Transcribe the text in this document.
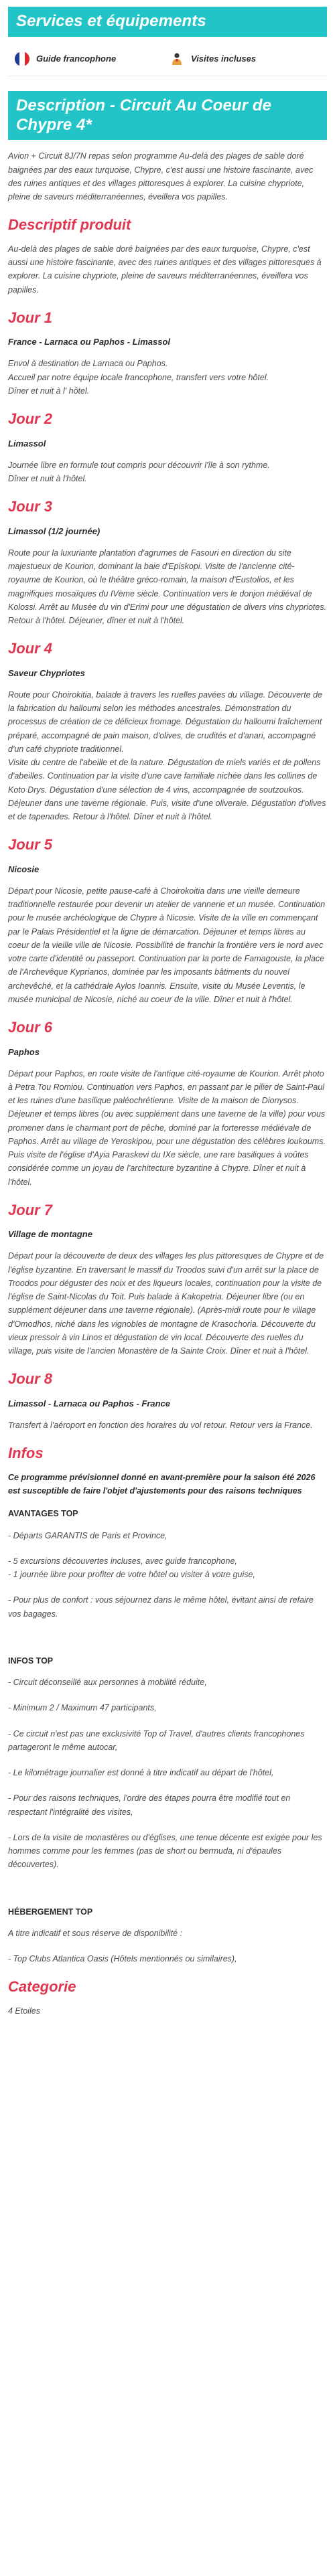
Services et équipements
Guide francophone	Visites incluses
Description - Circuit Au Coeur de Chypre 4*

Avion + Circuit 8J/7N repas selon programme Au-delà des plages de sable doré baignées par des eaux turquoise, Chypre, c'est aussi une histoire fascinante, avec des ruines antiques et des villages pittoresques à explorer. La cuisine chypriote, pleine de saveurs méditerranéennes, éveillera vos papilles.

Descriptif produit

Au-delà des plages de sable doré baignées par des eaux turquoise, Chypre, c'est aussi une histoire fascinante, avec des ruines antiques et des villages pittoresques à explorer. La cuisine chypriote, pleine de saveurs méditerranéennes, éveillera vos papilles.

Jour 1
France - Larnaca ou Paphos - Limassol

Envol à destination de Larnaca ou Paphos.
Accueil par notre équipe locale francophone, transfert vers votre hôtel.
Dîner et nuit à l' hôtel.

Jour 2
Limassol

Journée libre en formule tout compris pour découvrir l'île à son rythme.
Dîner et nuit à l'hôtel.

Jour 3
Limassol (1/2 journée)

Route pour la luxuriante plantation d'agrumes de Fasouri en direction du site majestueux de Kourion, dominant la baie d'Episkopi. Visite de l'ancienne cité-royaume de Kourion, où le théâtre gréco-romain, la maison d'Eustolios, et les magnifiques mosaïques du IVème siècle. Continuation vers le donjon médiéval de Kolossi. Arrêt au Musée du vin d'Erimi pour une dégustation de divers vins chypriotes. Retour à l'hôtel. Déjeuner, dîner et nuit à l'hôtel.

Jour 4
Saveur Chypriotes

Route pour Choirokitia, balade à travers les ruelles pavées du village. Découverte de la fabrication du halloumi selon les méthodes ancestrales. Démonstration du processus de création de ce délicieux fromage. Dégustation du halloumi fraîchement préparé, accompagné de pain maison, d'olives, de crudités et d'anari, accompagné d'un café chypriote traditionnel.
Visite du centre de l'abeille et de la nature. Dégustation de miels variés et de pollens d'abeilles. Continuation par la visite d'une cave familiale nichée dans les collines de Koto Drys. Dégustation d'une sélection de 4 vins, accompagnée de soutzoukos. Déjeuner dans une taverne régionale. Puis, visite d'une oliveraie. Dégustation d'olives et de tapenades. Retour à l'hôtel. Dîner et nuit à l'hôtel.

Jour 5
Nicosie

Départ pour Nicosie, petite pause-café à Choirokoitia dans une vieille demeure traditionnelle restaurée pour devenir un atelier de vannerie et un musée. Continuation pour le musée archéologique de Chypre à Nicosie. Visite de la ville en commençant par le Palais Présidentiel et la ligne de démarcation. Déjeuner et temps libres au coeur de la vieille ville de Nicosie. Possibilité de franchir la frontière vers le nord avec votre carte d'identité ou passeport. Continuation par la porte de Famagouste, la place de l'Archevêque Kyprianos, dominée par les imposants bâtiments du nouvel archevêché, et la cathédrale Aylos Ioannis. Ensuite, visite du Musée Leventis, le musée municipal de Nicosie, niché au coeur de la ville. Dîner et nuit à l'hôtel.

Jour 6
Paphos

Départ pour Paphos, en route visite de l'antique cité-royaume de Kourion. Arrêt photo à Petra Tou Romiou. Continuation vers Paphos, en passant par le pilier de Saint-Paul et les ruines d'une basilique paléochrétienne. Visite de la maison de Dionysos. Déjeuner et temps libres (ou avec supplément dans une taverne de la ville) pour vous promener dans le charmant port de pêche, dominé par la forteresse médiévale de Paphos. Arrêt au village de Yeroskipou, pour une dégustation des célèbres loukoums. Puis visite de l'église d'Ayia Paraskevi du IXe siècle, une rare basiliques à voûtes considérée comme un joyau de l'architecture byzantine à Chypre. Dîner et nuit à l'hôtel.

Jour 7
Village de montagne

Départ pour la découverte de deux des villages les plus pittoresques de Chypre et de l'église byzantine. En traversant le massif du Troodos suivi d'un arrêt sur la place de Troodos pour déguster des noix et des liqueurs locales, continuation pour la visite de l'église de Saint-Nicolas du Toit. Puis balade à Kakopetria. Déjeuner libre (ou en supplément déjeuner dans une taverne régionale). (Après-midi route pour le village d'Omodhos, niché dans les vignobles de montagne de Krasochoria. Découverte du vieux pressoir à vin Linos et dégustation de vin local. Découverte des ruelles du village, puis visite de l'ancien Monastère de la Sainte Croix. Dîner et nuit à l'hôtel.

Jour 8
Limassol - Larnaca ou Paphos - France

Transfert à l'aéroport en fonction des horaires du vol retour. Retour vers la France.

Infos

Ce programme prévisionnel donné en avant-première pour la saison été 2026 est susceptible de faire l'objet d'ajustements pour des raisons techniques

AVANTAGES TOP

- Départs GARANTIS de Paris et Province,

- 5 excursions découvertes incluses, avec guide francophone,
- 1 journée libre pour profiter de votre hôtel ou visiter à votre guise,

- Pour plus de confort : vous séjournez dans le même hôtel, évitant ainsi de refaire vos bagages.

INFOS TOP

- Circuit déconseillé aux personnes à mobilité réduite,

- Minimum 2 / Maximum 47 participants,

- Ce circuit n'est pas une exclusivité Top of Travel, d'autres clients francophones partageront le même autocar,

- Le kilométrage journalier est donné à titre indicatif au départ de l'hôtel,

- Pour des raisons techniques, l'ordre des étapes pourra être modifié tout en respectant l'intégralité des visites,

- Lors de la visite de monastères ou d'églises, une tenue décente est exigée pour les hommes comme pour les femmes (pas de short ou bermuda, ni d'épaules découvertes).

HÉBERGEMENT TOP

A titre indicatif et sous réserve de disponibilité :

- Top Clubs Atlantica Oasis (Hôtels mentionnés ou similaires),

Categorie

4 Etoiles
